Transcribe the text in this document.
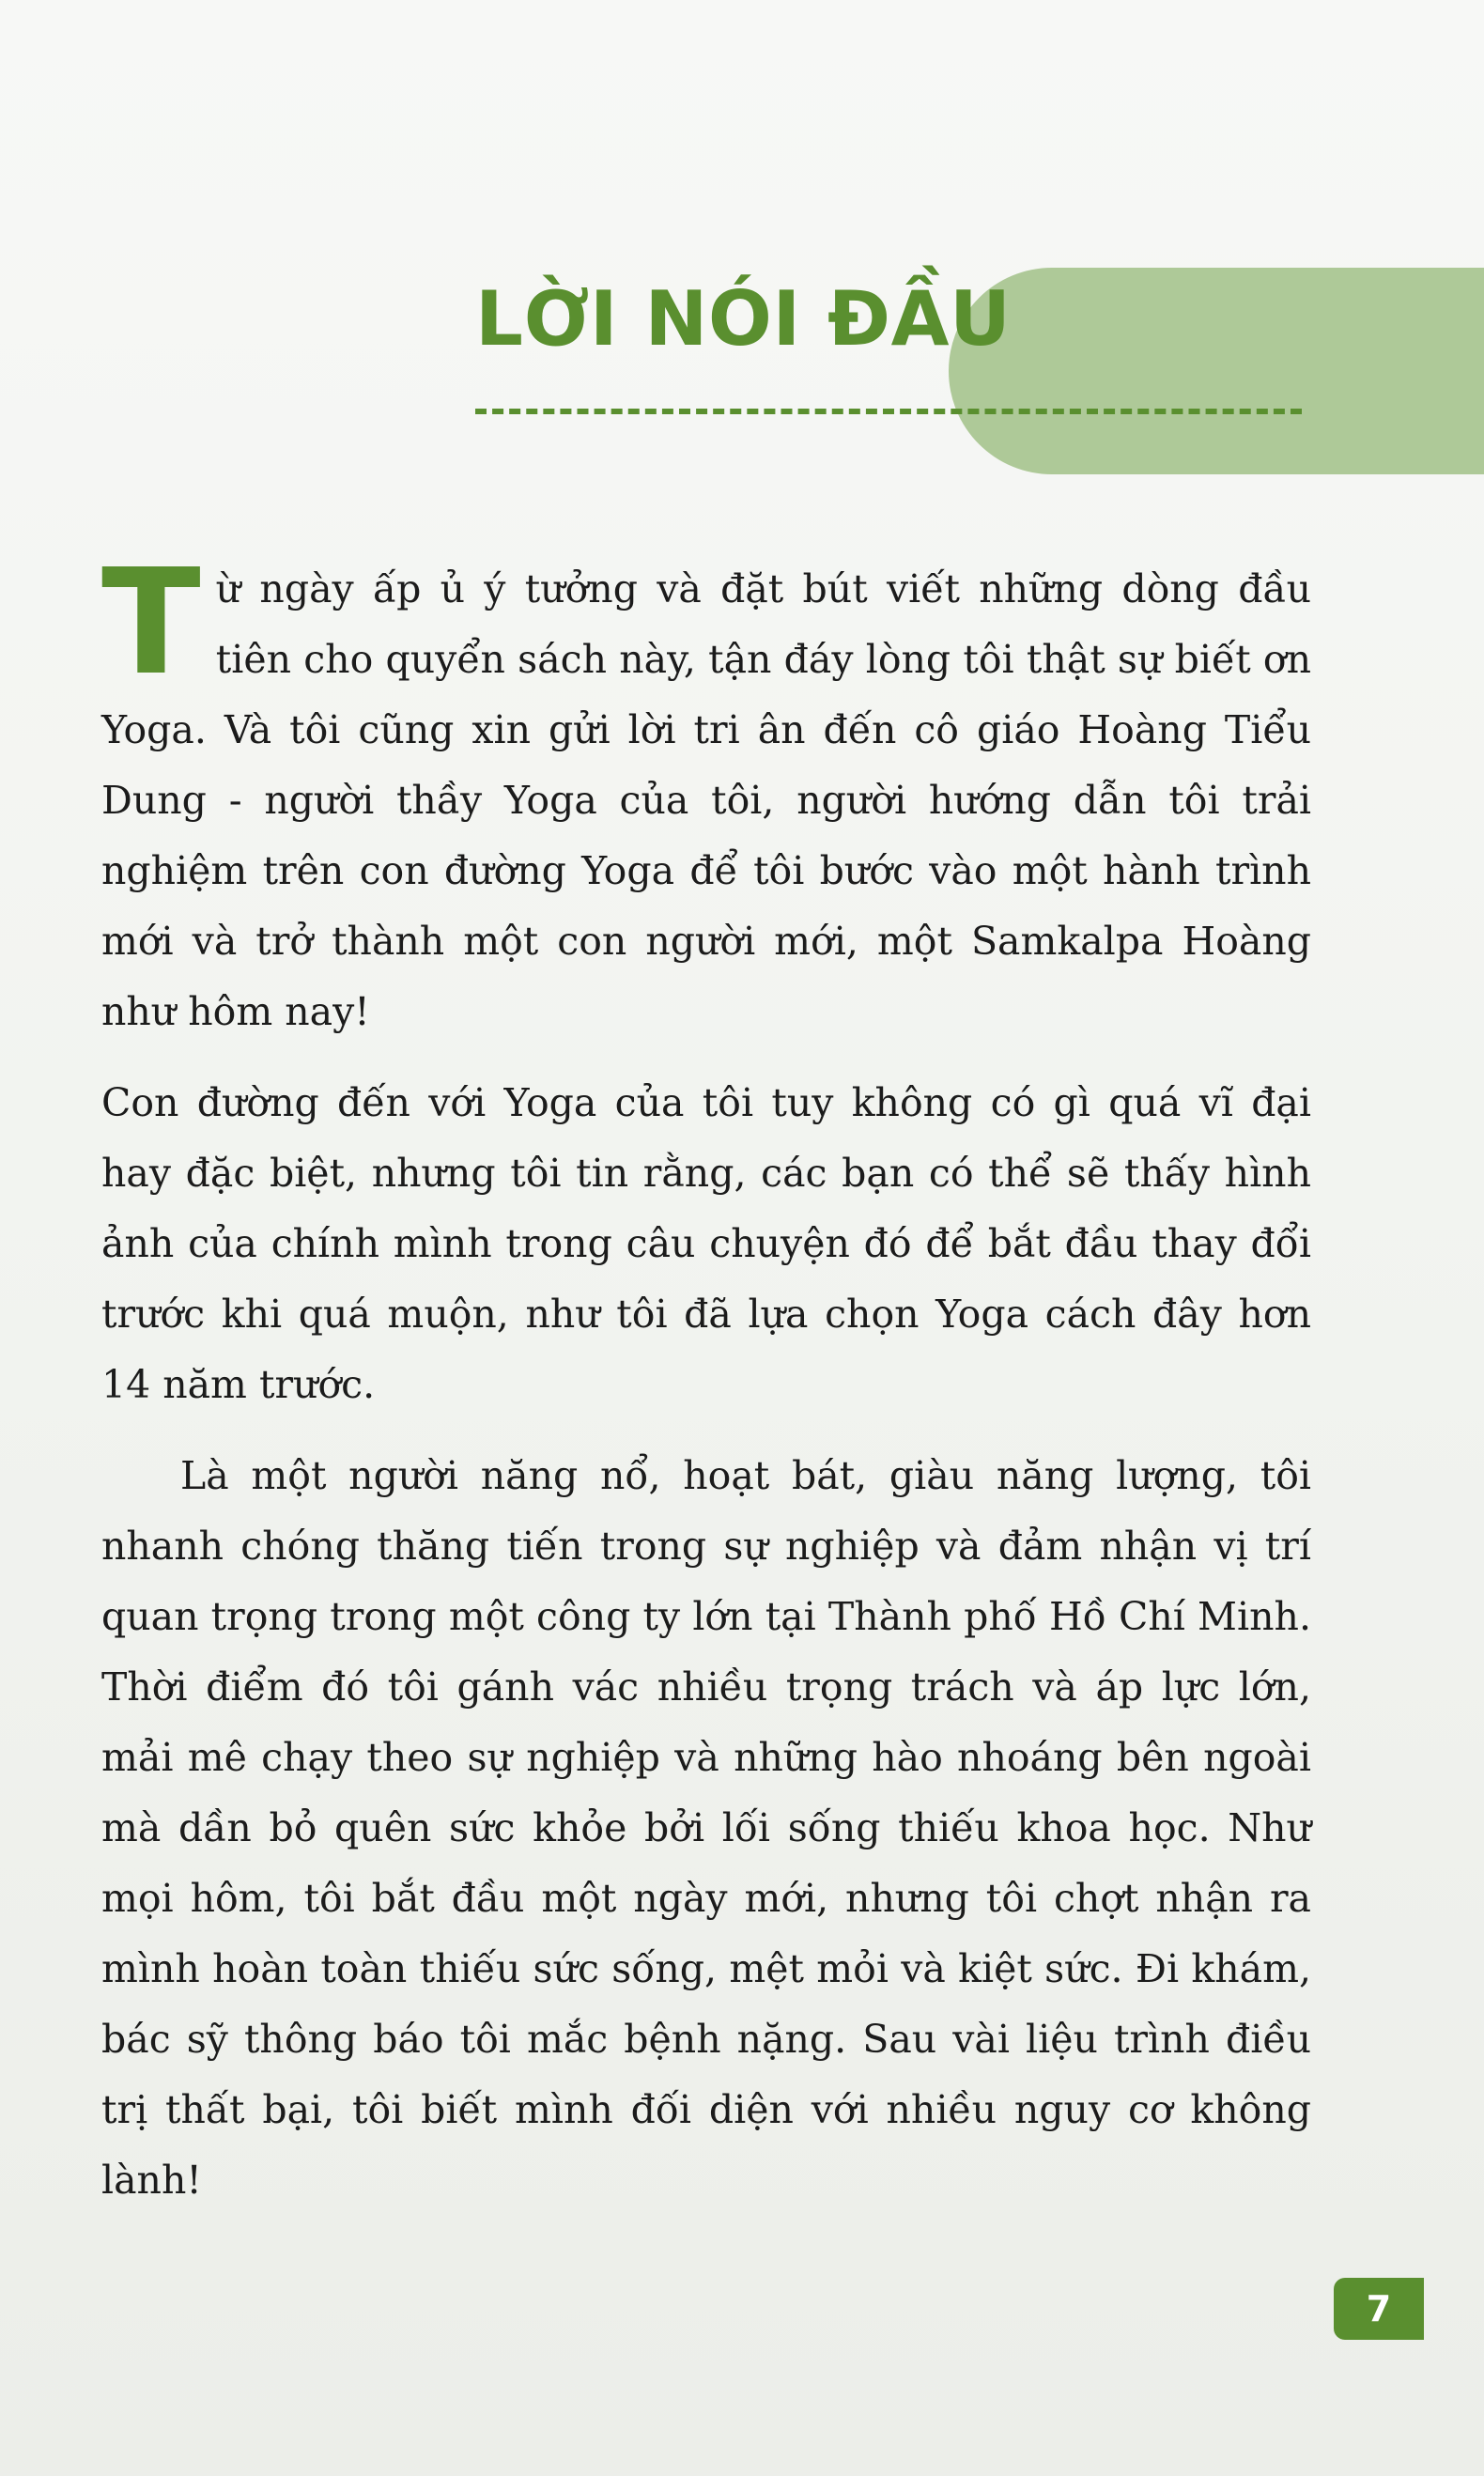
LỜI NÓI ĐẦU

Từ ngày ấp ủ ý tưởng và đặt bút viết những dòng đầu tiên cho quyển sách này, tận đáy lòng tôi thật sự biết ơn Yoga. Và tôi cũng xin gửi lời tri ân đến cô giáo Hoàng Tiểu Dung - người thầy Yoga của tôi, người hướng dẫn tôi trải nghiệm trên con đường Yoga để tôi bước vào một hành trình mới và trở thành một con người mới, một Samkalpa Hoàng như hôm nay!

Con đường đến với Yoga của tôi tuy không có gì quá vĩ đại hay đặc biệt, nhưng tôi tin rằng, các bạn có thể sẽ thấy hình ảnh của chính mình trong câu chuyện đó để bắt đầu thay đổi trước khi quá muộn, như tôi đã lựa chọn Yoga cách đây hơn 14 năm trước.

Là một người năng nổ, hoạt bát, giàu năng lượng, tôi nhanh chóng thăng tiến trong sự nghiệp và đảm nhận vị trí quan trọng trong một công ty lớn tại Thành phố Hồ Chí Minh. Thời điểm đó tôi gánh vác nhiều trọng trách và áp lực lớn, mải mê chạy theo sự nghiệp và những hào nhoáng bên ngoài mà dần bỏ quên sức khỏe bởi lối sống thiếu khoa học. Như mọi hôm, tôi bắt đầu một ngày mới, nhưng tôi chợt nhận ra mình hoàn toàn thiếu sức sống, mệt mỏi và kiệt sức. Đi khám, bác sỹ thông báo tôi mắc bệnh nặng. Sau vài liệu trình điều trị thất bại, tôi biết mình đối diện với nhiều nguy cơ không lành!

7
